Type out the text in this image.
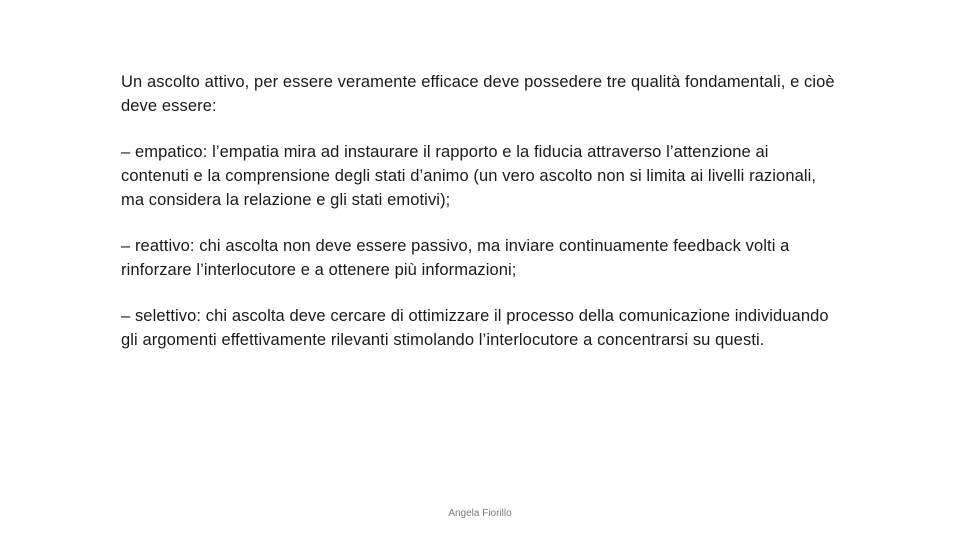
Un ascolto attivo, per essere veramente efficace deve possedere tre qualità fondamentali, e cioè deve essere:

– empatico: l’empatia mira ad instaurare il rapporto e la fiducia attraverso l’attenzione ai contenuti e la comprensione degli stati d’animo (un vero ascolto non si limita ai livelli razionali, ma considera la relazione e gli stati emotivi);

– reattivo: chi ascolta non deve essere passivo, ma inviare continuamente feedback volti a rinforzare l’interlocutore e a ottenere più informazioni;

– selettivo: chi ascolta deve cercare di ottimizzare il processo della comunicazione individuando gli argomenti effettivamente rilevanti stimolando l’interlocutore a concentrarsi su questi.

Angela Fiorillo
